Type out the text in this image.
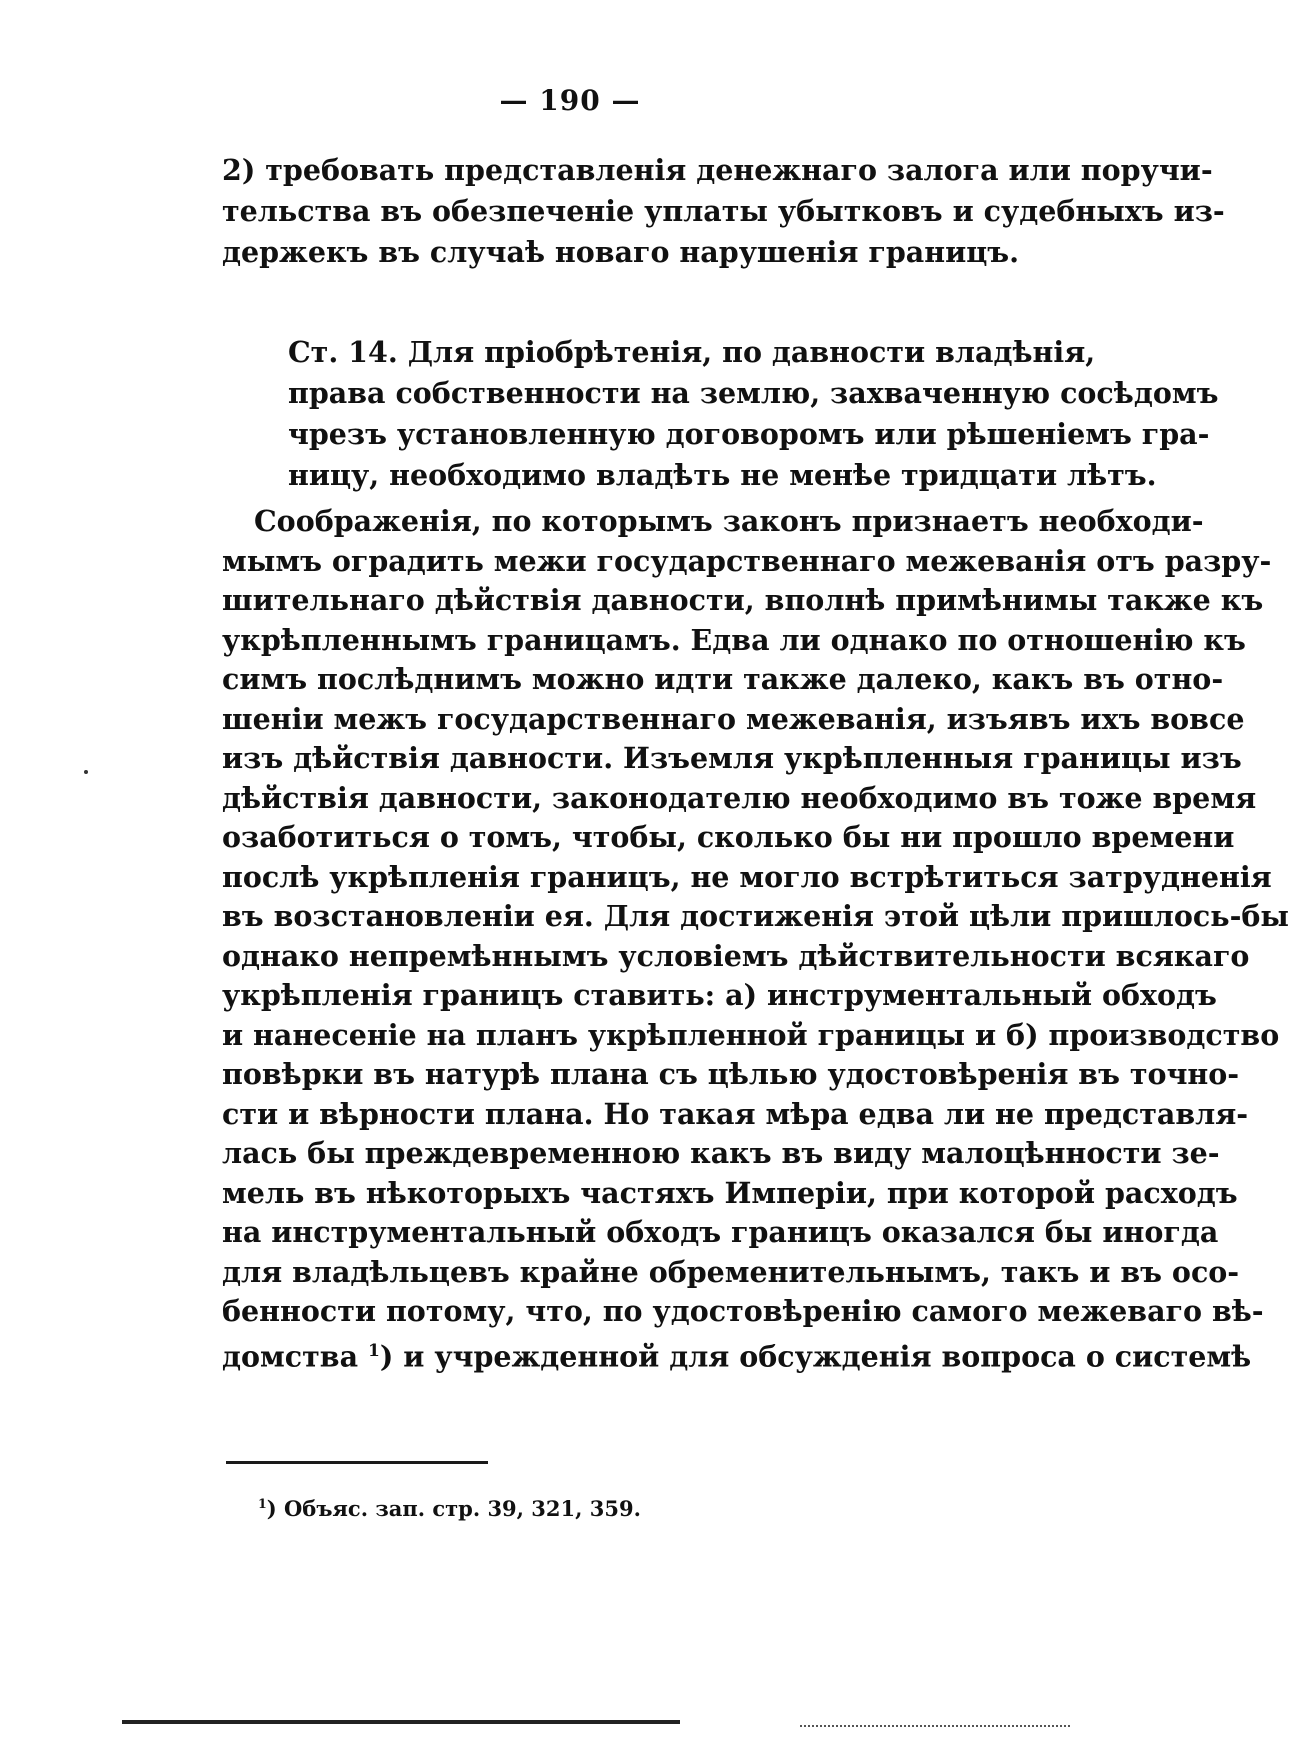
— 190 —
2) требовать представленія денежнаго залога или поручи-
тельства въ обезпеченіе уплаты убытковъ и судебныхъ из-
держекъ въ случаѣ новаго нарушенія границъ.
Ст. 14. Для пріобрѣтенія, по давности владѣнія,
права собственности на землю, захваченную сосѣдомъ
чрезъ установленную договоромъ или рѣшеніемъ гра-
ницу, необходимо владѣть не менѣе тридцати лѣтъ.
Соображенія, по которымъ законъ признаетъ необходи-
мымъ оградить межи государственнаго межеванія отъ разру-
шительнаго дѣйствія давности, вполнѣ примѣнимы также къ
укрѣпленнымъ границамъ. Едва ли однако по отношенію къ
симъ послѣднимъ можно идти также далеко, какъ въ отно-
шеніи межъ государственнаго межеванія, изъявъ ихъ вовсе
изъ дѣйствія давности. Изъемля укрѣпленныя границы изъ
дѣйствія давности, законодателю необходимо въ тоже время
озаботиться о томъ, чтобы, сколько бы ни прошло времени
послѣ укрѣпленія границъ, не могло встрѣтиться затрудненія
въ возстановленіи ея. Для достиженія этой цѣли пришлось-бы
однако непремѣннымъ условіемъ дѣйствительности всякаго
укрѣпленія границъ ставить: а) инструментальный обходъ
и нанесеніе на планъ укрѣпленной границы и б) производство
повѣрки въ натурѣ плана съ цѣлью удостовѣренія въ точно-
сти и вѣрности плана. Но такая мѣра едва ли не представля-
лась бы преждевременною какъ въ виду малоцѣнности зе-
мель въ нѣкоторыхъ частяхъ Имперіи, при которой расходъ
на инструментальный обходъ границъ оказался бы иногда
для владѣльцевъ крайне обременительнымъ, такъ и въ осо-
бенности потому, что, по удостовѣренію самого межеваго вѣ-
домства $^1$) и учрежденной для обсужденія вопроса о системѣ
$^1$) Объяс. зап. стр. 39, 321, 359.
